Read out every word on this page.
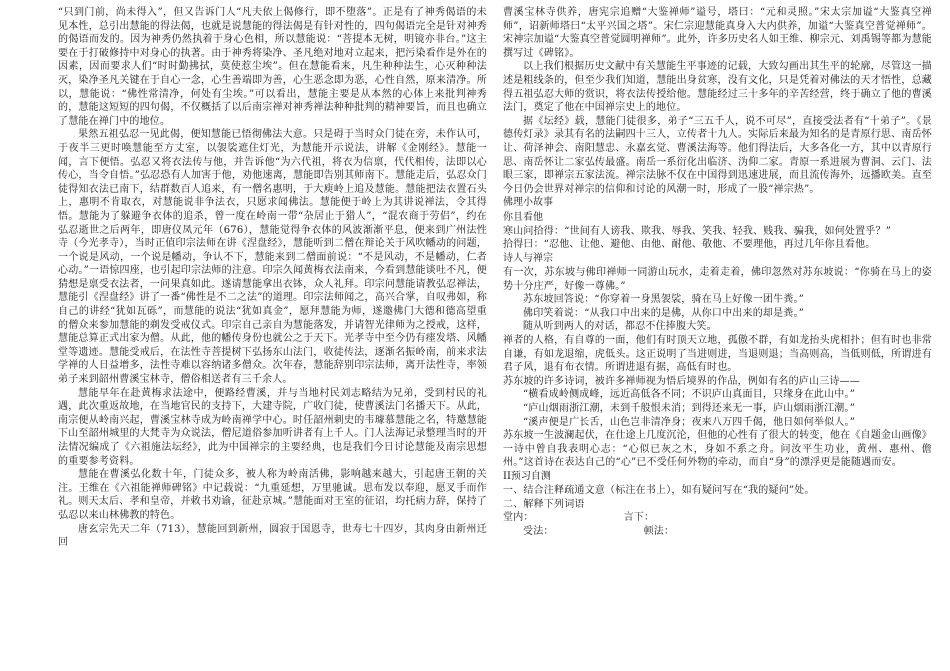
“只到门前，尚未得入”，但又告诉门人“凡夫依上偈修行，即不堕落”。正是有了神秀偈语的未见本性，总引出慧能的得法偈，也就是说慧能的得法偈是有针对性的，四句偈语完全是针对神秀的偈语而发的。因为神秀仍然执着于身心色相，所以慧能说：“菩提本无树，明镜亦非台。”这主要在于打破修持中对身心的执著。由于神秀将染净、圣凡绝对地对立起来，把污染看作是外在的因素，因而要求人们“时时勤拂拭，莫使惹尘埃”。但在慧能看来，凡生种种法生，心灭种种法灭，染净圣凡关键在于自心一念，心生善端即为善，心生恶念即为恶，心性自然，原来清净。所以，慧能说：“佛性常清净，何处有尘埃。”可以看出，慧能主要是从本然的心体上来批判神秀的，慧能这短短的四句偈，不仅概括了以后南宗禅对神秀禅法种种批判的精神要旨，而且也确立了慧能在禅门中的地位。

果然五祖弘忍一见此偈，便知慧能已悟彻佛法大意。只是碍于当时众门徒在旁，未作认可，于夜半三更时唤慧能至方丈室，以袈裟遮住灯光，为慧能开示说法，讲解《金刚经》。慧能一闻，言下便悟。弘忍又将衣法传与他，并告诉他“为六代祖，将衣为信禀，代代相传，法即以心传心，当令自悟。”弘忍恐有人加害于他，劝他速离，慧能即告别其师南下。慧能走后，弘忍众门徒得知衣法已南下，结群数百人追来，有一僧名惠明，于大庾岭上追及慧能。慧能把法衣置石头上，惠明不肯取衣，对慧能说非争法衣，只愿求闻佛法。慧能便于岭上为其讲说禅法，令其得悟。慧能为了躲避争衣体的追杀，曾一度在岭南一带“杂居止于猎人”，“混农商于劳侣”，约在弘忍逝世之后两年，即唐仪凤元年（676），慧能觉得争衣体的风波渐渐平息，便来到广州法性寺（今光孝寺），当时正值印宗法师在讲《涅盘经》，慧能听到二僧在辩论关于风吹幡动的问题，一个说是风动，一个说是幡动，争认不下，慧能来到二僧面前说：“不是风动，不是幡动，仁者心动。”一语惊四座，也引起印宗法师的注意。印宗久闻黄梅衣法南来，今看到慧能谈吐不凡，便猜想是禀受衣法者，一问果真如此。遂请慧能拿出衣钵，众人礼拜。印宗问慧能请教弘忍禅法，慧能引《涅盘经》讲了一番“佛性是不二之法”的道理。印宗法师闻之，高兴合掌，自叹弗如，称自己的讲经“犹如瓦砾”，而慧能的说法“犹如真金”，愿拜慧能为师，遂邀佛门大德和德高望重的僧众来参加慧能的剃发受戒仪式。印宗自己亲自为慧能落发，并请智光律师为之授戒，这样，慧能总算正式出家为僧。从此，他的幡传身份也就公之于天下。光孝寺中至今仍有瘗发塔、风幡堂等遗迹。慧能受戒后，在法性寺菩提树下弘扬东山法门，收徒传法，逐渐名振岭南，前来求法学禅的人日益增多，法性寺难以容纳诸多僧众。次年春，慧能辞别印宗法师，离开法性寺，率领弟子来到韶州曹溪宝林寺，僧俗相送者有三千余人。

慧能早年在赴黄梅求法途中，便路经曹溪，并与当地村民刘志略结为兄弟，受到村民的礼遇，此次重返故地，在当地官民的支持下，大建寺院，广收门徒，使曹溪法门名播天下。从此，南宗便从岭南兴起，曹溪宝林寺成为岭南禅学中心。时任韶州刺史的韦璩慕慧能之名，特邀慧能下山至韶州城里的大梵寺为众说法，僧尼道俗参加听讲者有上千人。门人法海记录整理当时的开法情况编成了《六祖施法坛经》，此为中国禅宗的主要经典，也是我们今日讨论慧能及南宗思想的重要参考资料。

慧能在曹溪弘化数十年，门徒众多，被人称为岭南活佛，影响越来越大，引起唐王朝的关注。王维在《六祖能禅师碑铭》中记载说：“九重延想，万里驰诚。思布发以奉迎，愿叉手而作礼。则天太后、孝和皇帝，并敕书劝谕，征赴京城。”慧能面对王室的征诏，均托病力辞，保持了弘忍以来山林佛教的特色。

唐玄宗先天二年（713），慧能回到新州，圆寂于国恩寺，世寿七十四岁，其肉身由新州迁回

曹溪宝林寺供养，唐宪宗追赠“大鉴禅师”谥号，塔曰：“元和灵照。”宋太宗加谥“大鉴真空禅师”，诏新师塔曰“太平兴国之塔”。宋仁宗迎慧能真身入大内供养，加谥“大鉴真空普觉禅师”。宋神宗加谥“大鉴真空普觉圆明禅师”。此外，许多历史名人如王维、柳宗元、刘禹锡等都为慧能撰写过《碑铭》。

以上我们根据历史文献中有关慧能生平事迹的记载，大致勾画出其生平的轮廓，尽管这一描述是粗线条的，但至少我们知道，慧能出身贫寒，没有文化，只是凭着对佛法的天才悟性，总藏得五祖弘忍大师的赏识，将衣法传授给他。慧能经过三十多年的辛苦经营，终于确立了他的曹溪法门，奠定了他在中国禅宗史上的地位。

据《坛经》载，慧能门徒很多，弟子“三五千人，说不可尽”，直接受法者有“十弟子”。《景德传灯录》录其有名的法嗣四十三人，立传者十九人。实际后来最为知名的是青原行思、南岳怀让、荷泽神会、南阳慧忠、永嘉玄觉、曹溪法海等。他们得法后，大多各化一方，其中以青原行思、南岳怀让二家弘传最盛。南岳一系衍化出临济、沩仰二家。青原一系进展为曹洞、云门、法眼三家，即禅宗五家法流。禅宗法脉不仅在中国得到迅速进展，而且流传海外，远播欧美。直至今日仍会世界对禅宗的信仰和讨论的风潮一时，形成了一股“禅宗热”。

佛理小故事
你且看他

寒山问拾得：“世间有人谤我、欺我、辱我、笑我、轻我、贱我、骗我，如何处置乎？”

拾得曰：“忍他、让他、避他、由他、耐他、敬他、不要理他，再过几年你且看他。

诗人与禅宗

有一次，苏东坡与佛印禅师一同游山玩水，走着走着，佛印忽然对苏东坡说：“你骑在马上的姿势十分庄严，好像一尊佛。”

苏东坡回答说：“你穿着一身黑袈裟，骑在马上好像一团牛粪。”

佛印笑着说：“从我口中出来的是佛，从你口中出来的却是粪。”

随从听到两人的对话，都忍不住捧腹大笑。

禅者的人格，有自尊的一面，他们有时顶天立地，孤傲不群，有如龙抬头虎相扑；但有时也非常自谦，有如龙退缩，虎低头。这正说明了当进则进，当退则退；当高则高，当低则低，所谓进有君子风，退有布衣情。所谓进退有据，高低有时也。

苏东坡的许多诗词，被许多禅师视为悟后境界的作品，例如有名的庐山三诗——

“横看成岭侧成峰，远近高低各不同；不识庐山真面目，只缘身在此山中。”

“庐山烟雨浙江潮，未到千般恨未消；到得还来无一事，庐山烟雨浙江潮。”

“溪声便是广长舌，山色岂非清净身；夜来八万四千偈，他日如何举似人。”

苏东坡一生波澜起伏，在仕途上几度沉沦，但他的心性有了很大的转变，他在《自题金山画像》一诗中曾自我表明心志：“心似已灰之木，身如不系之舟。问汝平生功业，黄州、惠州、儋州。”这首诗在表达自己的“心”已不受任何外物的牵动，而自“身”的漂浮更是能随遇而安。

II预习自测

一、结合注释疏通文意（标注在书上），如有疑问写在“我的疑问”处。

二、解释下列词语

堂内：	言下：

受法：	顿法：
